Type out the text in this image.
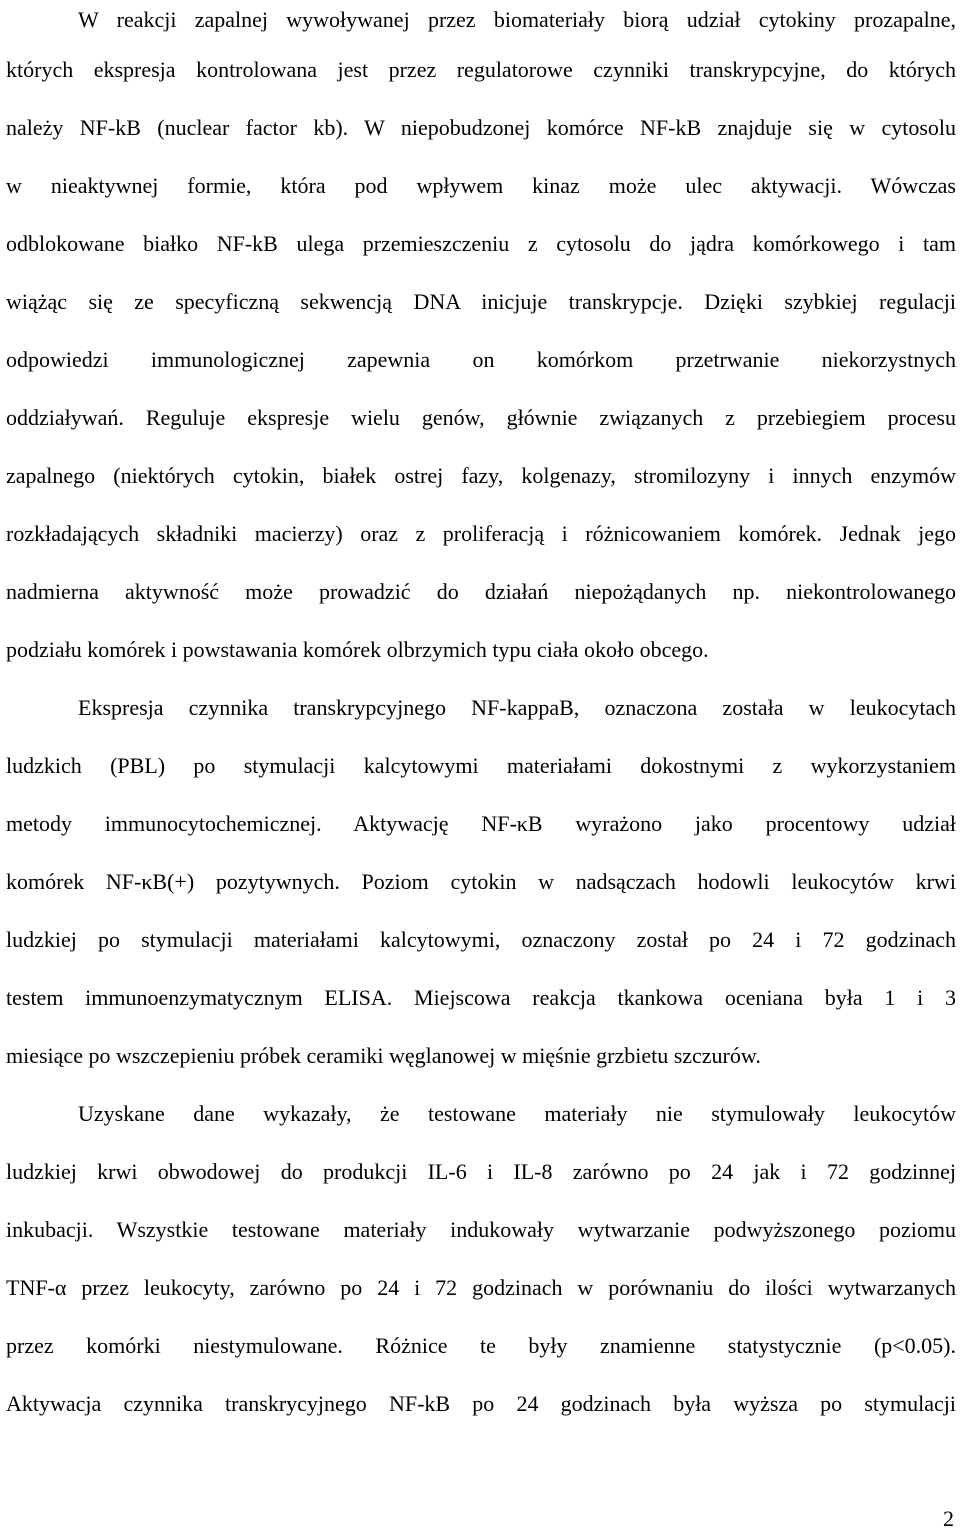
W reakcji zapalnej wywoływanej przez biomateriały biorą udział cytokiny prozapalne,
których ekspresja kontrolowana jest przez regulatorowe czynniki transkrypcyjne, do których
należy NF-kB (nuclear factor kb). W niepobudzonej komórce NF-kB znajduje się w cytosolu
w nieaktywnej formie, która pod wpływem kinaz może ulec aktywacji. Wówczas
odblokowane białko NF-kB ulega przemieszczeniu z cytosolu do jądra komórkowego i tam
wiążąc się ze specyficzną sekwencją DNA inicjuje transkrypcje. Dzięki szybkiej regulacji
odpowiedzi immunologicznej zapewnia on komórkom przetrwanie niekorzystnych
oddziaływań. Reguluje ekspresje wielu genów, głównie związanych z przebiegiem procesu
zapalnego (niektórych cytokin, białek ostrej fazy, kolgenazy, stromilozyny i innych enzymów
rozkładających składniki macierzy) oraz z proliferacją i różnicowaniem komórek. Jednak jego
nadmierna aktywność może prowadzić do działań niepożądanych np. niekontrolowanego
podziału komórek i powstawania komórek olbrzymich typu ciała około obcego.
Ekspresja czynnika transkrypcyjnego NF-kappaB, oznaczona została w leukocytach
ludzkich (PBL) po stymulacji kalcytowymi materiałami dokostnymi z wykorzystaniem
metody immunocytochemicznej. Aktywację NF-κB wyrażono jako procentowy udział
komórek NF-κB(+) pozytywnych. Poziom cytokin w nadsączach hodowli leukocytów krwi
ludzkiej po stymulacji materiałami kalcytowymi, oznaczony został po 24 i 72 godzinach
testem immunoenzymatycznym ELISA. Miejscowa reakcja tkankowa oceniana była 1 i 3
miesiące po wszczepieniu próbek ceramiki węglanowej w mięśnie grzbietu szczurów.
Uzyskane dane wykazały, że testowane materiały nie stymulowały leukocytów
ludzkiej krwi obwodowej do produkcji IL-6 i IL-8 zarówno po 24 jak i 72 godzinnej
inkubacji. Wszystkie testowane materiały indukowały wytwarzanie podwyższonego poziomu
TNF-α przez leukocyty, zarówno po 24 i 72 godzinach w porównaniu do ilości wytwarzanych
przez komórki niestymulowane. Różnice te były znamienne statystycznie (p<0.05).
Aktywacja czynnika transkrycyjnego NF-kB po 24 godzinach była wyższa po stymulacji
2
